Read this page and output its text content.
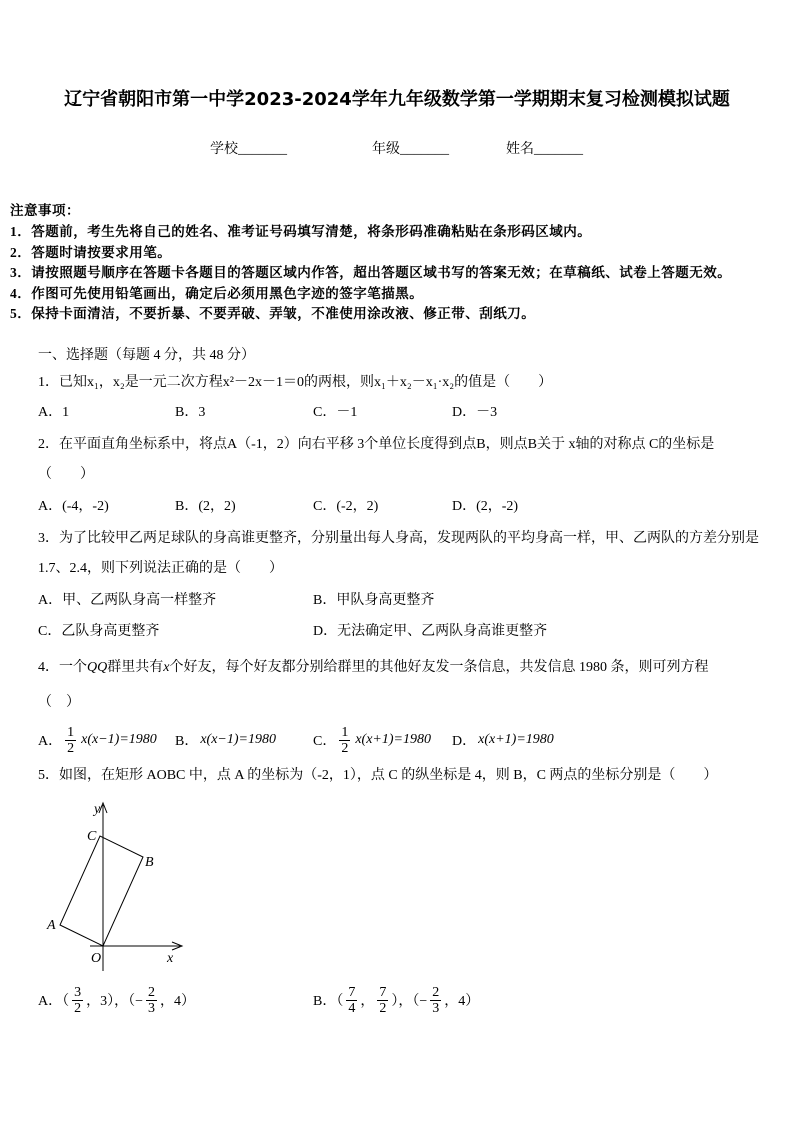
辽宁省朝阳市第一中学2023-2024学年九年级数学第一学期期末复习检测模拟试题
学校_______	年级_______	姓名_______
注意事项：
1．答题前，考生先将自己的姓名、准考证号码填写清楚，将条形码准确粘贴在条形码区域内。
2．答题时请按要求用笔。
3．请按照题号顺序在答题卡各题目的答题区域内作答，超出答题区域书写的答案无效；在草稿纸、试卷上答题无效。
4．作图可先使用铅笔画出，确定后必须用黑色字迹的签字笔描黑。
5．保持卡面清洁，不要折暴、不要弄破、弄皱，不准使用涂改液、修正带、刮纸刀。
一、选择题（每题 4 分，共 48 分）
1．已知x₁，x₂是一元二次方程x²－2x－1＝0的两根，则x₁＋x₂－x₁·x₂的值是（　　）
A．1	B．3	C．－1	D．－3
2．在平面直角坐标系中，将点A（-1，2）向右平移 3个单位长度得到点B，则点B关于 x轴的对称点 C的坐标是
（　　）
A．(-4，-2)	B．(2，2)	C．(-2，2)	D．(2，-2)
3．为了比较甲乙两足球队的身高谁更整齐，分别量出每人身高，发现两队的平均身高一样，甲、乙两队的方差分别是
1.7、2.4，则下列说法正确的是（　　）
A．甲、乙两队身高一样整齐	B．甲队身高更整齐
C．乙队身高更整齐	D．无法确定甲、乙两队身高谁更整齐
4．一个QQ群里共有x个好友，每个好友都分别给群里的其他好友发一条信息，共发信息 1980 条，则可列方程
（　）
A． $\frac{1}{2} x(x-1)=1980$ B． x(x−1)=1980	C． $\frac{1}{2} x(x+1)=1980$ D． x(x+1)=1980
5．如图，在矩形 AOBC 中，点 A 的坐标为（-2，1），点 C 的纵坐标是 4，则 B，C 两点的坐标分别是（　　）
y
C
B
A
O	x
A．（ $\frac{3}{2}$ ，3），（− $\frac{2}{3}$ ，4）	B．（ $\frac{7}{4}$ ， $\frac{7}{2}$ ），（− $\frac{2}{3}$ ，4）
